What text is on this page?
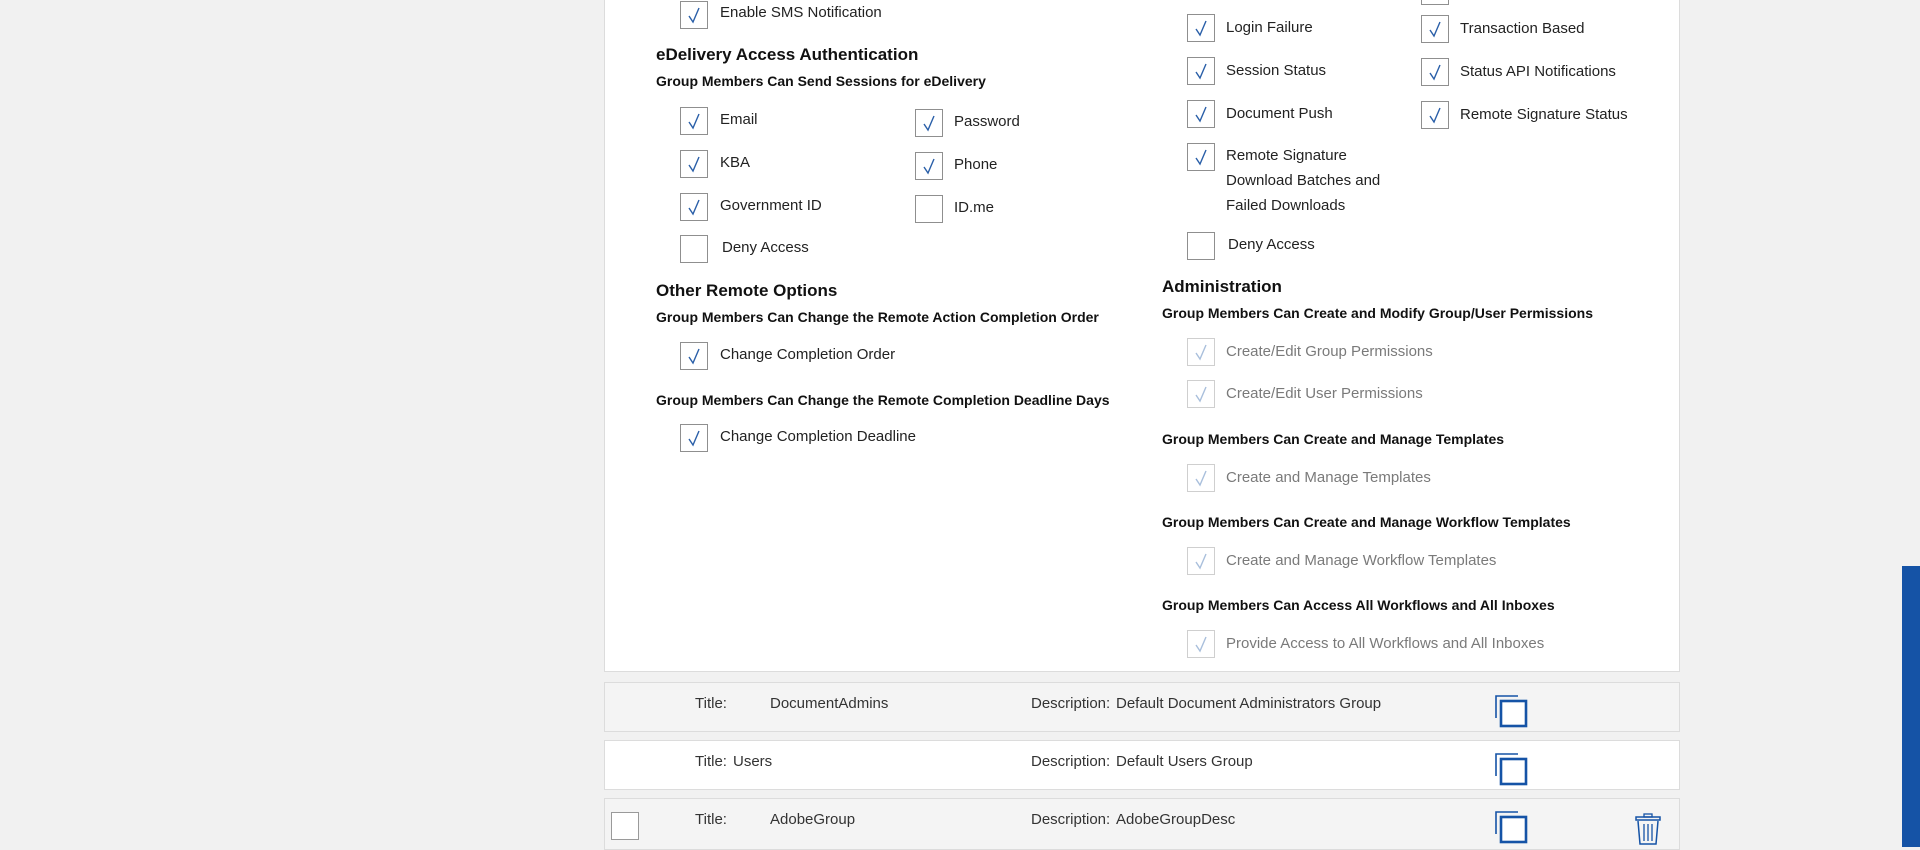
Enable SMS Notification
eDelivery Access Authentication
Group Members Can Send Sessions for eDelivery
Email	Password
KBA	Phone
Government ID	ID.me
Deny Access
Other Remote Options
Group Members Can Change the Remote Action Completion Order
Change Completion Order
Group Members Can Change the Remote Completion Deadline Days
Change Completion Deadline
Login Failure	Transaction Based
Session Status	Status API Notifications
Document Push	Remote Signature Status
Remote Signature Download Batches and Failed Downloads
Deny Access
Administration
Group Members Can Create and Modify Group/User Permissions
Create/Edit Group Permissions
Create/Edit User Permissions
Group Members Can Create and Manage Templates
Create and Manage Templates
Group Members Can Create and Manage Workflow Templates
Create and Manage Workflow Templates
Group Members Can Access All Workflows and All Inboxes
Provide Access to All Workflows and All Inboxes
Title:	DocumentAdmins	Description: Default Document Administrators Group
Title: Users	Description: Default Users Group
Title:	AdobeGroup	Description: AdobeGroupDesc
